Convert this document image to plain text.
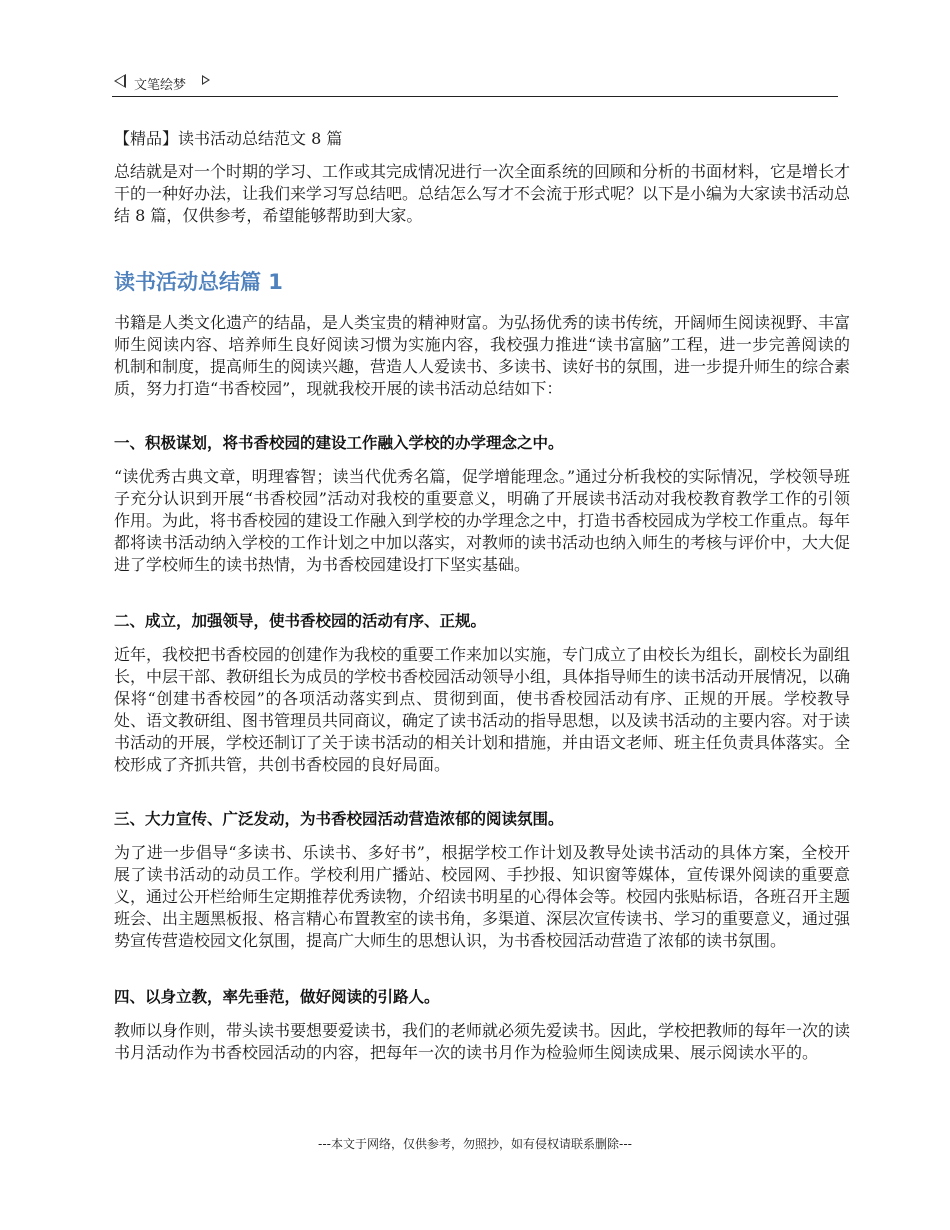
文笔绘梦
【精品】读书活动总结范文 8 篇

总结就是对一个时期的学习、工作或其完成情况进行一次全面系统的回顾和分析的书面材料，它是增长才干的一种好办法，让我们来学习写总结吧。总结怎么写才不会流于形式呢？以下是小编为大家读书活动总结 8 篇，仅供参考，希望能够帮助到大家。

读书活动总结篇 1

书籍是人类文化遗产的结晶，是人类宝贵的精神财富。为弘扬优秀的读书传统，开阔师生阅读视野、丰富师生阅读内容、培养师生良好阅读习惯为实施内容，我校强力推进“读书富脑”工程，进一步完善阅读的机制和制度，提高师生的阅读兴趣，营造人人爱读书、多读书、读好书的氛围，进一步提升师生的综合素质，努力打造“书香校园”，现就我校开展的读书活动总结如下：

一、积极谋划，将书香校园的建设工作融入学校的办学理念之中。

“读优秀古典文章，明理睿智；读当代优秀名篇，促学增能理念。”通过分析我校的实际情况，学校领导班子充分认识到开展“书香校园”活动对我校的重要意义，明确了开展读书活动对我校教育教学工作的引领作用。为此，将书香校园的建设工作融入到学校的办学理念之中，打造书香校园成为学校工作重点。每年都将读书活动纳入学校的工作计划之中加以落实，对教师的读书活动也纳入师生的考核与评价中，大大促进了学校师生的读书热情，为书香校园建设打下坚实基础。

二、成立，加强领导，使书香校园的活动有序、正规。

近年，我校把书香校园的创建作为我校的重要工作来加以实施，专门成立了由校长为组长，副校长为副组长，中层干部、教研组长为成员的学校书香校园活动领导小组，具体指导师生的读书活动开展情况，以确保将“创建书香校园”的各项活动落实到点、贯彻到面，使书香校园活动有序、正规的开展。学校教导处、语文教研组、图书管理员共同商议，确定了读书活动的指导思想，以及读书活动的主要内容。对于读书活动的开展，学校还制订了关于读书活动的相关计划和措施，并由语文老师、班主任负责具体落实。全校形成了齐抓共管，共创书香校园的良好局面。

三、大力宣传、广泛发动，为书香校园活动营造浓郁的阅读氛围。

为了进一步倡导“多读书、乐读书、多好书”，根据学校工作计划及教导处读书活动的具体方案，全校开展了读书活动的动员工作。学校利用广播站、校园网、手抄报、知识窗等媒体，宣传课外阅读的重要意义，通过公开栏给师生定期推荐优秀读物，介绍读书明星的心得体会等。校园内张贴标语，各班召开主题班会、出主题黑板报、格言精心布置教室的读书角，多渠道、深层次宣传读书、学习的重要意义，通过强势宣传营造校园文化氛围，提高广大师生的思想认识，为书香校园活动营造了浓郁的读书氛围。

四、以身立教，率先垂范，做好阅读的引路人。

教师以身作则，带头读书要想要爱读书，我们的老师就必须先爱读书。因此，学校把教师的每年一次的读书月活动作为书香校园活动的内容，把每年一次的读书月作为检验师生阅读成果、展示阅读水平的。

---本文于网络，仅供参考，勿照抄，如有侵权请联系删除---
